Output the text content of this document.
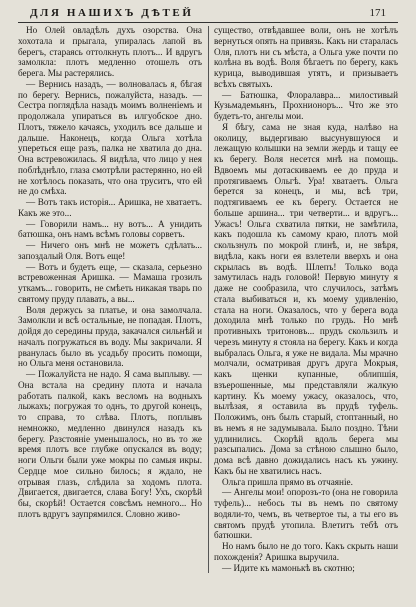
ДЛЯ НАШИХЪ ДѢТЕЙ	171

Но Олей овладѣлъ духъ озорства. Она хохотала и прыгала, упиралась лапой въ берегъ, стараясь оттолкнуть плотъ... И вдругъ замолкла: плотъ медленно отошелъ отъ берега. Мы растерялись.

— Вернись назадъ, — волновалась я, бѣгая по берегу. Вернись, пожалуйста, назадъ. — Сестра поглядѣла назадъ моимъ волненіемъ и продолжала упираться въ илгуобское дно. Плотъ, тяжело качаясь, уходилъ все дальше и дальше. Наконецъ, когда Ольга хотѣла упереться еще разъ, палка не хватила до дна. Она встревожилась. Я видѣла, что лицо у нея поблѣднѣло, глаза смотрѣли растерянно, но ей не хотѣлось показать, что она труситъ, что ей не до смѣха.

— Вотъ такъ исторія... Аришка, не хватаетъ. Какъ же это...

— Говорили намъ... ну вотъ... А унидить батюшка, онъ намъ всѣмъ головы сорветъ.

— Ничего онъ мнѣ не можетъ сдѣлать... запоздалый Оля. Вотъ еще!

— Вотъ и будетъ еще, — сказала, серьезно встревоженная Аришка. — Мамаша грозилъ уткамъ... говорить, не смѣеть никакая тварь по святому пруду плавать, а вы...

Воля держусь за платье, и она замолчала. Замолкли и всѣ остальные, не попадая. Плотъ, дойдя до середины пруда, закачался сильнѣй и началъ погружаться въ воду. Мы закричали. Я рванулась было въ усадьбу просить помощи, но Ольга меня остановила.

— Пожалуйста не надо. Я сама выплыву. — Она встала на средину плота и начала работать палкой, какъ весломъ на водныхъ лыжахъ; погружая то однъ, то другой конецъ, то справа, то слѣва. Плотъ, поплывъ немножко, медленно двинулся назадъ къ берегу. Разстояніе уменьшалось, но въ то же время плотъ все глубже опускался въ воду; ноги Ольги были уже мокры по самыя икры. Сердце мое сильно билось; я ждало, не отрывая глазъ, слѣдила за ходомъ плота. Двигается, двигается, слава Богу! Ухъ, скорѣй бы, скорѣй! Остается совсѣмъ немного... Но плотъ вдругъ заупрямился. Словно живо-

существо, отвѣдавшее воли, онъ не хотѣлъ вернуться опять на привязь. Какъ ни старалась Оля, плотъ ни съ мѣста, а Ольга уже почти по колѣна въ водѣ. Воля бѣгаетъ по берегу, какъ курица, выводившая утятъ, и призываетъ всѣхъ святыхъ.

— Батюшка, Флоралавра... милостивый Кузьмадемьянъ, Прохнионоръ... Что же это будетъ-то, ангелы мои.

Я бѣгу, сама не зная куда, налѣво на околицу, выдергиваю высунувшуюся и лежащую колышки на земли жердь и тащу ее къ берегу. Воля несется мнѣ на помощь. Вдвоемъ мы дотаскиваемъ ее до пруда и протягиваемъ Ольгѣ. Ура! хватаетъ. Ольга берется за конецъ, и мы, всѣ три, подтягиваемъ ее къ берегу. Остается не больше аршина... три четверти... и вдругъ... Ужасъ! Ольга схватила пятки, не замѣтила, какъ подошла къ самому краю, плотъ мой скользнулъ по мокрой глинѣ, и, не звѣря, видѣла, какъ ноги ея взлетели вверхъ и она скрылась въ водѣ. Шлепъ! Только вода замутилась надъ головой! Первую минуту я даже не сообразила, что случилось, затѣмъ стала выбиваться и, къ моему удивленію, стала на ноги. Оказалось, что у берега вода доходила мнѣ только по грудь. Но мнѣ противныхъ тритоновъ... прудъ скользилъ и черезъ минуту я стояла на берегу. Какъ и когда выбралась Ольга, я уже не видала. Мы мрачно молчали, осматривая другъ друга Мокрыя, какъ щенки купанные, облипшія, взъерошенные, мы представляли жалкую картину. Къ моему ужасу, оказалось, что, вылѣзая, я оставила въ прудѣ туфель. Положимъ, онъ былъ старый, стоптанный, но въ немъ я не задумывала. Было поздно. Тѣни удлинились. Скорѣй вдоль берега мы разсыпались. Дома за стѣною слышно было, дома всѣ давно дожидались насъ къ ужину. Какъ бы не хватились насъ.

Ольга пришла прямо въ отчаяніе.

— Ангелы мои! опорозъ-то (она не говорила туфель)... небось ты въ немъ по святому водяли-то, чемъ, въ четвертое ты, а ты его въ святомъ прудѣ утопила. Влетитъ тебѣ отъ батюшки.

Но намъ было не до того. Какъ скрыть наши похожденія? Аришка выручила.

— Идите къ мамонькѣ въ скотню;
